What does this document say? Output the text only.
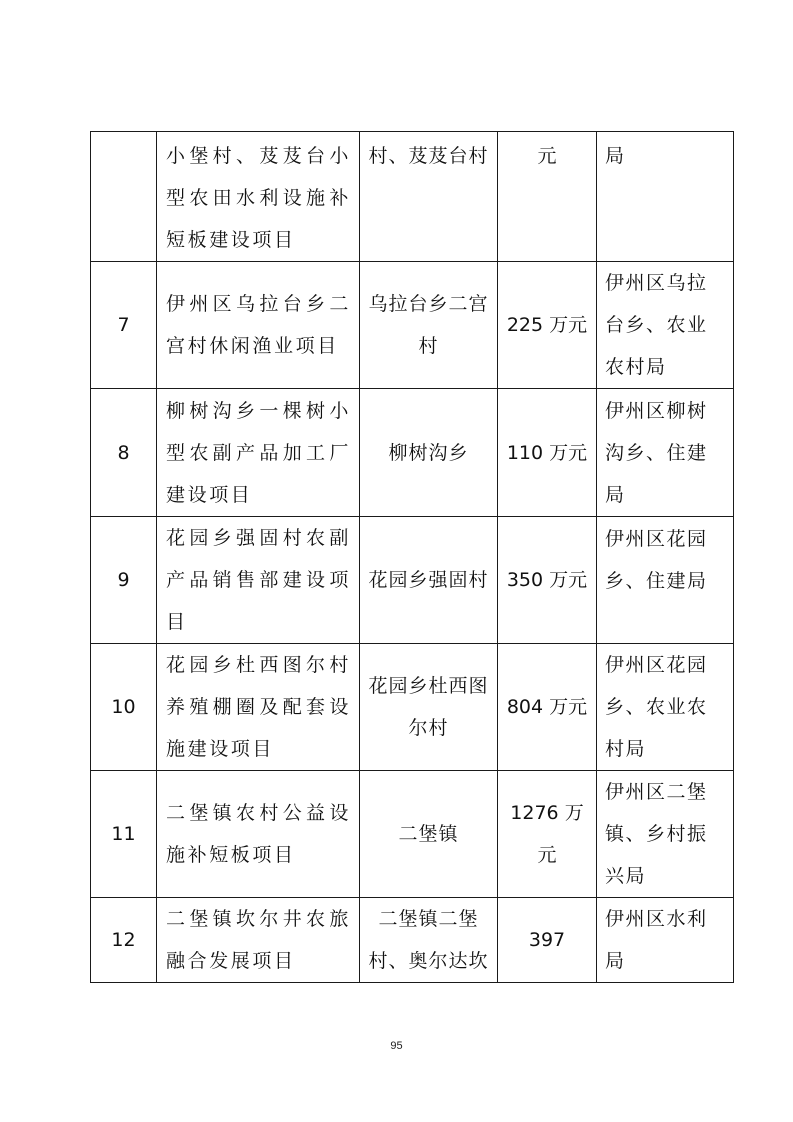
	小堡村、芨芨台小型农田水利设施补短板建设项目	村、芨芨台村	元	局
7	伊州区乌拉台乡二宫村休闲渔业项目	乌拉台乡二宫村	225 万元	伊州区乌拉台乡、农业农村局
8	柳树沟乡一棵树小型农副产品加工厂建设项目	柳树沟乡	110 万元	伊州区柳树沟乡、住建局

9	花园乡强固村农副产品销售部建设项目	花园乡强固村	350 万元	伊州区花园乡、住建局

10	花园乡杜西图尔村养殖棚圈及配套设施建设项目	花园乡杜西图尔村	804 万元	伊州区花园乡、农业农村局
11	二堡镇农村公益设施补短板项目	二堡镇	1276 万元	伊州区二堡镇、乡村振兴局
12	二堡镇坎尔井农旅融合发展项目	二堡镇二堡村、奥尔达坎	397	伊州区水利局
95
